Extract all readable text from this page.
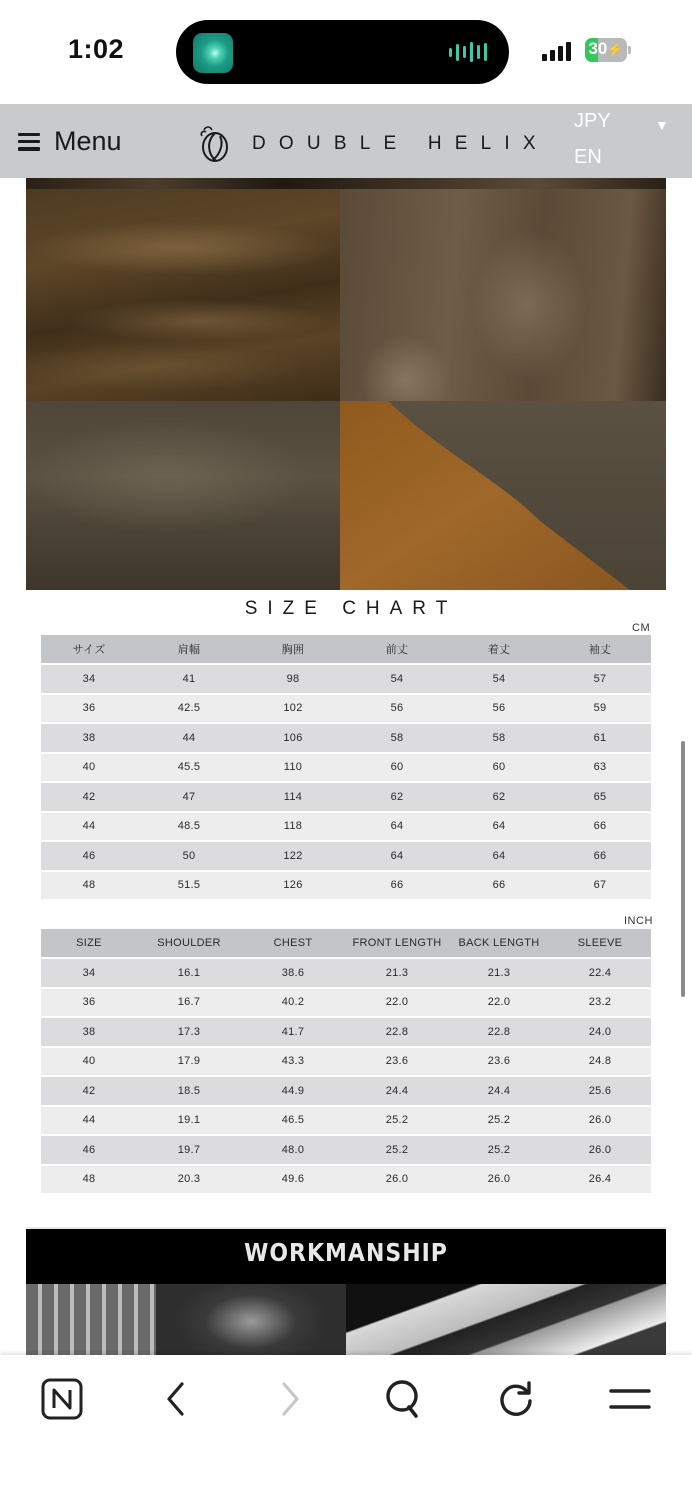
1:02	30⚡
Menu	DOUBLE HELIX
JPY	▼
EN
SIZE CHART
CM
サイズ	肩幅	胸囲	前丈	着丈	袖丈
34	41	98	54	54	57
36	42.5	102	56	56	59
38	44	106	58	58	61
40	45.5	110	60	60	63
42	47	114	62	62	65
44	48.5	118	64	64	66
46	50	122	64	64	66
48	51.5	126	66	66	67
INCH
SIZE	SHOULDER	CHEST	FRONT LENGTH	BACK LENGTH	SLEEVE
34	16.1	38.6	21.3	21.3	22.4
36	16.7	40.2	22.0	22.0	23.2
38	17.3	41.7	22.8	22.8	24.0
40	17.9	43.3	23.6	23.6	24.8
42	18.5	44.9	24.4	24.4	25.6
44	19.1	46.5	25.2	25.2	26.0
46	19.7	48.0	25.2	25.2	26.0
48	20.3	49.6	26.0	26.0	26.4
WORKMANSHIP
